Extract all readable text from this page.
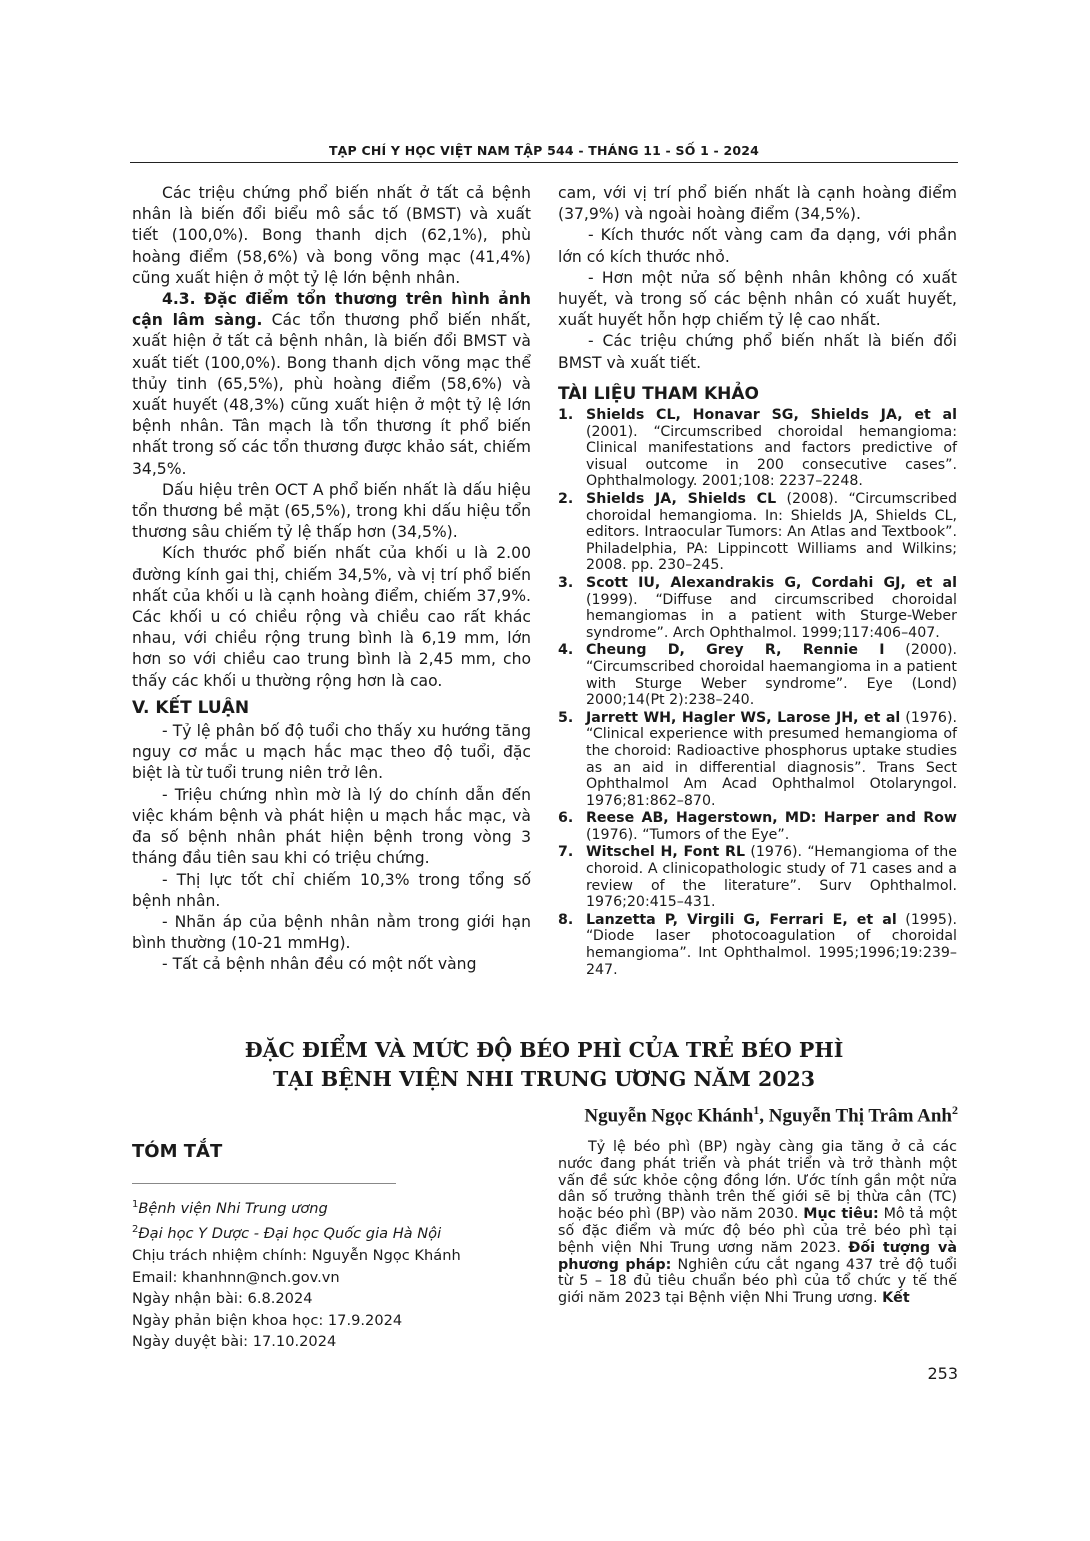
TẠP CHÍ Y HỌC VIỆT NAM TẬP 544 - THÁNG 11 - SỐ 1 - 2024

Các triệu chứng phổ biến nhất ở tất cả bệnh nhân là biến đổi biểu mô sắc tố (BMST) và xuất tiết (100,0%). Bong thanh dịch (62,1%), phù hoàng điểm (58,6%) và bong võng mạc (41,4%) cũng xuất hiện ở một tỷ lệ lớn bệnh nhân.

4.3. Đặc điểm tổn thương trên hình ảnh cận lâm sàng. Các tổn thương phổ biến nhất, xuất hiện ở tất cả bệnh nhân, là biến đổi BMST và xuất tiết (100,0%). Bong thanh dịch võng mạc thể thủy tinh (65,5%), phù hoàng điểm (58,6%) và xuất huyết (48,3%) cũng xuất hiện ở một tỷ lệ lớn bệnh nhân. Tân mạch là tổn thương ít phổ biến nhất trong số các tổn thương được khảo sát, chiếm 34,5%.

Dấu hiệu trên OCT A phổ biến nhất là dấu hiệu tổn thương bề mặt (65,5%), trong khi dấu hiệu tổn thương sâu chiếm tỷ lệ thấp hơn (34,5%).

Kích thước phổ biến nhất của khối u là 2.00 đường kính gai thị, chiếm 34,5%, và vị trí phổ biến nhất của khối u là cạnh hoàng điểm, chiếm 37,9%. Các khối u có chiều rộng và chiều cao rất khác nhau, với chiều rộng trung bình là 6,19 mm, lớn hơn so với chiều cao trung bình là 2,45 mm, cho thấy các khối u thường rộng hơn là cao.

V. KẾT LUẬN

- Tỷ lệ phân bố độ tuổi cho thấy xu hướng tăng nguy cơ mắc u mạch hắc mạc theo độ tuổi, đặc biệt là từ tuổi trung niên trở lên.

- Triệu chứng nhìn mờ là lý do chính dẫn đến việc khám bệnh và phát hiện u mạch hắc mạc, và đa số bệnh nhân phát hiện bệnh trong vòng 3 tháng đầu tiên sau khi có triệu chứng.

- Thị lực tốt chỉ chiếm 10,3% trong tổng số bệnh nhân.

- Nhãn áp của bệnh nhân nằm trong giới hạn bình thường (10-21 mmHg).

- Tất cả bệnh nhân đều có một nốt vàng

cam, với vị trí phổ biến nhất là cạnh hoàng điểm (37,9%) và ngoài hoàng điểm (34,5%).

- Kích thước nốt vàng cam đa dạng, với phần lớn có kích thước nhỏ.

- Hơn một nửa số bệnh nhân không có xuất huyết, và trong số các bệnh nhân có xuất huyết, xuất huyết hỗn hợp chiếm tỷ lệ cao nhất.

- Các triệu chứng phổ biến nhất là biến đổi BMST và xuất tiết.

TÀI LIỆU THAM KHẢO
1. Shields CL, Honavar SG, Shields JA, et al (2001). “Circumscribed choroidal hemangioma: Clinical manifestations and factors predictive of visual outcome in 200 consecutive cases”. Ophthalmology. 2001;108: 2237–2248.
2. Shields JA, Shields CL (2008). “Circumscribed choroidal hemangioma. In: Shields JA, Shields CL, editors. Intraocular Tumors: An Atlas and Textbook”. Philadelphia, PA: Lippincott Williams and Wilkins; 2008. pp. 230–245.
3. Scott IU, Alexandrakis G, Cordahi GJ, et al (1999). “Diffuse and circumscribed choroidal hemangiomas in a patient with Sturge-Weber syndrome”. Arch Ophthalmol. 1999;117:406–407.
4. Cheung D, Grey R, Rennie I (2000). “Circumscribed choroidal haemangioma in a patient with Sturge Weber syndrome”. Eye (Lond) 2000;14(Pt 2):238–240.
5. Jarrett WH, Hagler WS, Larose JH, et al (1976). “Clinical experience with presumed hemangioma of the choroid: Radioactive phosphorus uptake studies as an aid in differential diagnosis”. Trans Sect Ophthalmol Am Acad Ophthalmol Otolaryngol. 1976;81:862–870.
6. Reese AB, Hagerstown, MD: Harper and Row (1976). “Tumors of the Eye”.
7. Witschel H, Font RL (1976). “Hemangioma of the choroid. A clinicopathologic study of 71 cases and a review of the literature”. Surv Ophthalmol. 1976;20:415–431.
8. Lanzetta P, Virgili G, Ferrari E, et al (1995). “Diode laser photocoagulation of choroidal hemangioma”. Int Ophthalmol. 1995;1996;19:239–247.
ĐẶC ĐIỂM VÀ MỨC ĐỘ BÉO PHÌ CỦA TRẺ BÉO PHÌ
TẠI BỆNH VIỆN NHI TRUNG ƯƠNG NĂM 2023
Nguyễn Ngọc Khánh$^1$, Nguyễn Thị Trâm Anh$^2$
TÓM TẮT
$^1$Bệnh viện Nhi Trung ương
$^2$Đại học Y Dược - Đại học Quốc gia Hà Nội
Chịu trách nhiệm chính: Nguyễn Ngọc Khánh
Email: khanhnn@nch.gov.vn
Ngày nhận bài: 6.8.2024
Ngày phản biện khoa học: 17.9.2024
Ngày duyệt bài: 17.10.2024

Tỷ lệ béo phì (BP) ngày càng gia tăng ở cả các nước đang phát triển và phát triển và trở thành một vấn đề sức khỏe cộng đồng lớn. Ước tính gần một nửa dân số trưởng thành trên thế giới sẽ bị thừa cân (TC) hoặc béo phì (BP) vào năm 2030. Mục tiêu: Mô tả một số đặc điểm và mức độ béo phì của trẻ béo phì tại bệnh viện Nhi Trung ương năm 2023. Đối tượng và phương pháp: Nghiên cứu cắt ngang 437 trẻ độ tuổi từ 5 – 18 đủ tiêu chuẩn béo phì của tổ chức y tế thế giới năm 2023 tại Bệnh viện Nhi Trung ương. Kết

253
